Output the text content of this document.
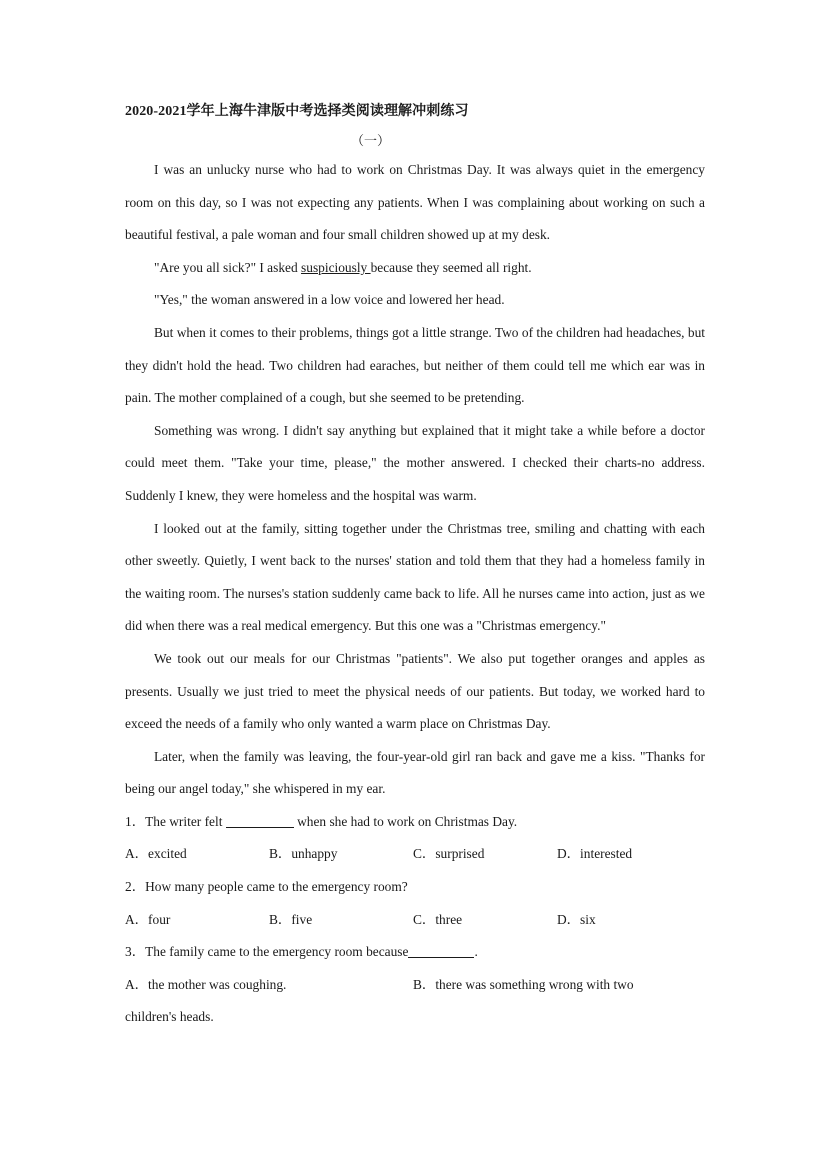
2020-2021学年上海牛津版中考选择类阅读理解冲刺练习
（一）

I was an unlucky nurse who had to work on Christmas Day. It was always quiet in the emergency room on this day, so I was not expecting any patients. When I was complaining about working on such a beautiful festival, a pale woman and four small children showed up at my desk.

"Are you all sick?" I asked suspiciously because they seemed all right.

"Yes," the woman answered in a low voice and lowered her head.

But when it comes to their problems, things got a little strange. Two of the children had headaches, but they didn't hold the head. Two children had earaches, but neither of them could tell me which ear was in pain. The mother complained of a cough, but she seemed to be pretending.

Something was wrong. I didn't say anything but explained that it might take a while before a doctor could meet them. "Take your time, please," the mother answered. I checked their charts-no address. Suddenly I knew, they were homeless and the hospital was warm.

I looked out at the family, sitting together under the Christmas tree, smiling and chatting with each other sweetly. Quietly, I went back to the nurses' station and told them that they had a homeless family in the waiting room. The nurses's station suddenly came back to life. All he nurses came into action, just as we did when there was a real medical emergency. But this one was a "Christmas emergency."

We took out our meals for our Christmas "patients". We also put together oranges and apples as presents. Usually we just tried to meet the physical needs of our patients. But today, we worked hard to exceed the needs of a family who only wanted a warm place on Christmas Day.

Later, when the family was leaving, the four-year-old girl ran back and gave me a kiss. "Thanks for being our angel today," she whispered in my ear.

1．The writer felt	when she had to work on Christmas Day.

A．excited	B．unhappy	C．surprised	D．interested

2．How many people came to the emergency room?

A．four	B．five	C．three	D．six

3．The family came to the emergency room because	.

A．the mother was coughing.	B．there was something wrong with two

children's heads.
